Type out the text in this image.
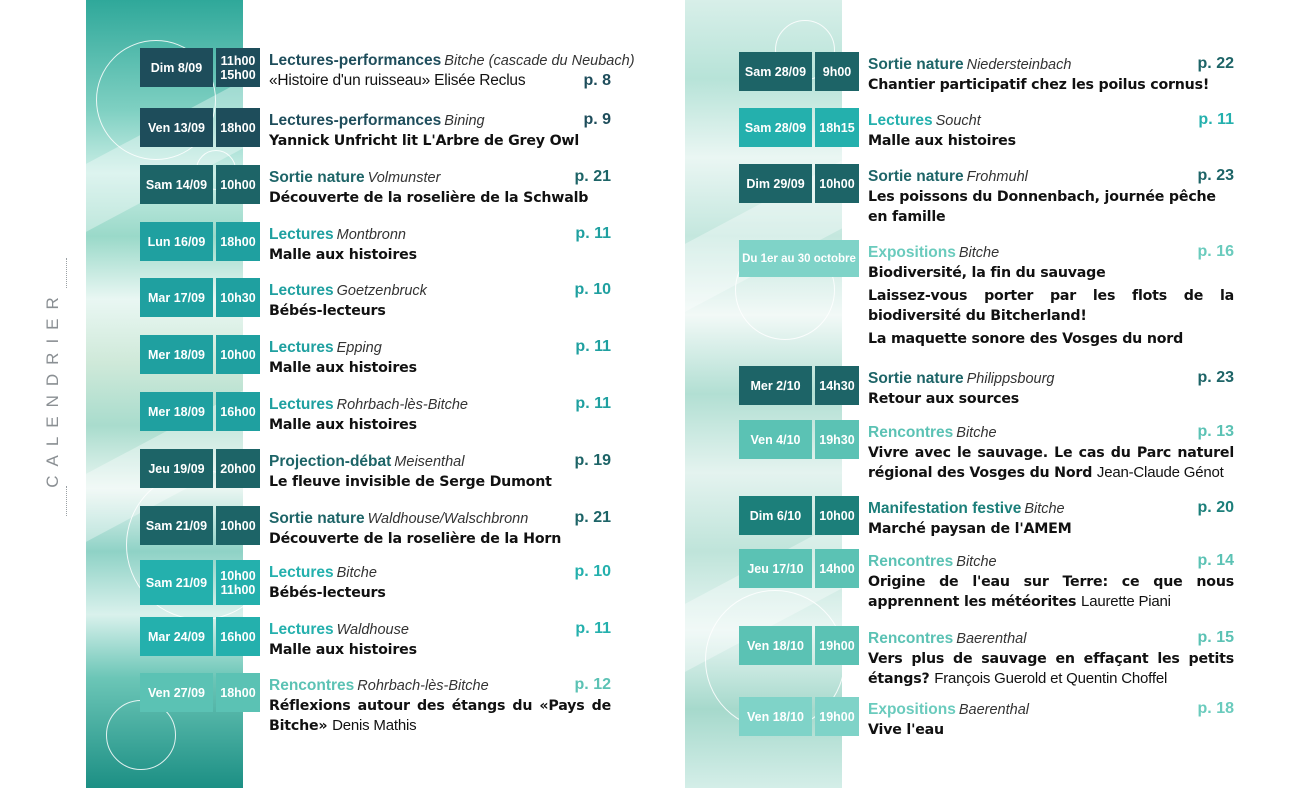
CALENDRIER
Dim 8/09	11h00
15h00
Lectures-performances Bitche (cascade du Neubach)
«Histoire d'un ruisseau» Elisée Reclus	p. 8
Ven 13/09	18h00 Lectures-performances Bining
Yannick Unfricht lit L'Arbre de Grey Owl
p. 9
Sam 14/09	10h00 Sortie nature Volmunster
Découverte de la roselière de la Schwalb
p. 21
Lun 16/09	18h00 Lectures Montbronn
Malle aux histoires
p. 11
Mar 17/09	10h30 Lectures Goetzenbruck
Bébés-lecteurs
p. 10
Mer 18/09	10h00 Lectures Epping
Malle aux histoires
p. 11
Mer 18/09	16h00 Lectures Rohrbach-lès-Bitche
Malle aux histoires
p. 11
Jeu 19/09	20h00 Projection-débat Meisenthal
Le fleuve invisible de Serge Dumont
p. 19
Sam 21/09	10h00 Sortie nature Waldhouse/Walschbronn
Découverte de la roselière de la Horn
p. 21
Sam 21/09	10h00
11h00
Lectures Bitche
Bébés-lecteurs
p. 10
Mar 24/09	16h00 Lectures Waldhouse
Malle aux histoires
p. 11
Ven 27/09	18h00 Rencontres Rohrbach-lès-Bitche
Réflexions autour des étangs du «Pays de Bitche» Denis Mathis
p. 12
Sam 28/09	9h00 Sortie nature Niedersteinbach
Chantier participatif chez les poilus cornus!
p. 22
Sam 28/09	18h15 Lectures Soucht
Malle aux histoires
p. 11
Dim 29/09	10h00 Sortie nature Frohmuhl
Les poissons du Donnenbach, journée pêche en famille
p. 23
Du 1er au 30 octobre Expositions Bitche
Biodiversité, la fin du sauvage
Laissez-vous porter par les flots de la biodiversité du Bitcherland!
La maquette sonore des Vosges du nord
p. 16
Mer 2/10	14h30 Sortie nature Philippsbourg
Retour aux sources
p. 23
Ven 4/10	19h30 Rencontres Bitche
Vivre avec le sauvage. Le cas du Parc naturel régional des Vosges du Nord Jean-Claude Génot
p. 13
Dim 6/10	10h00 Manifestation festive Bitche
Marché paysan de l'AMEM
p. 20
Jeu 17/10	14h00 Rencontres Bitche
Origine de l'eau sur Terre: ce que nous apprennent les météorites Laurette Piani
p. 14
Ven 18/10	19h00 Rencontres Baerenthal
Vers plus de sauvage en effaçant les petits étangs? François Guerold et Quentin Choffel
p. 15
Ven 18/10	19h00 Expositions Baerenthal
Vive l'eau
p. 18
